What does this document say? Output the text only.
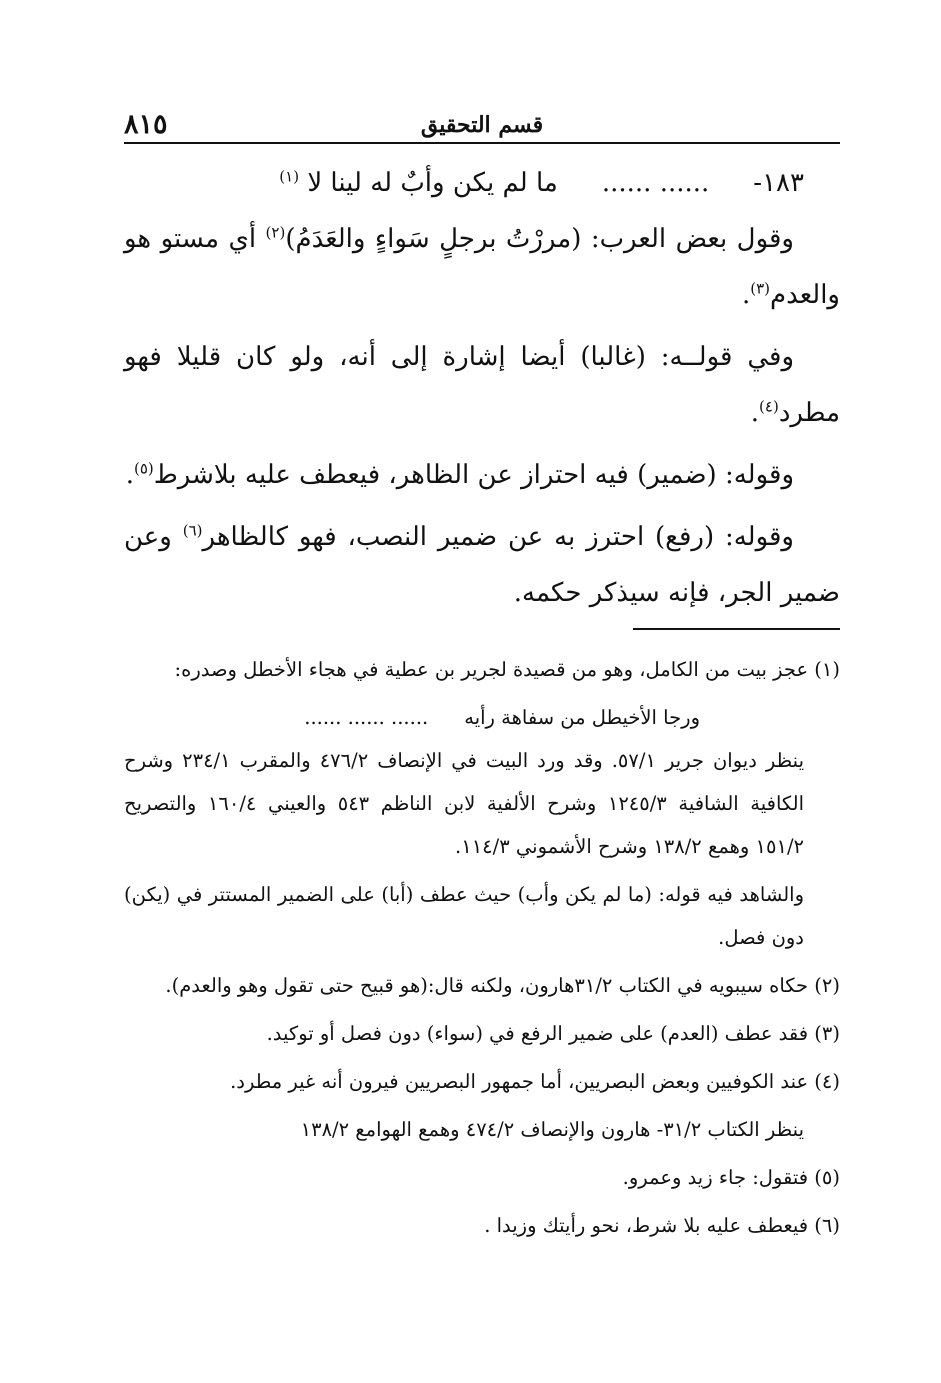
٨١٥	قسم التحقيق
١٨٣-
...... ......
ما لم يكن وأبٌ له لينا لا $^{(١)}$

وقول بعض العرب: (مررْتُ برجلٍ سَواءٍ والعَدَمُ)$^{(٢)}$ أي مستو هو والعدم$^{(٣)}$.

وفي قولــه: (غالبا) أيضا إشارة إلى أنه، ولو كان قليلا فهو مطرد$^{(٤)}$.

وقوله: (ضمير) فيه احتراز عن الظاهر، فيعطف عليه بلاشرط$^{(٥)}$.

وقوله: (رفع) احترز به عن ضمير النصب، فهو كالظاهر$^{(٦)}$ وعن ضمير الجر، فإنه سيذكر حكمه.

(١) عجز بيت من الكامل، وهو من قصيدة لجرير بن عطية في هجاء الأخطل وصدره:

ورجا الأخيطل من سفاهة رأيه
...... ...... ......

ينظر ديوان جرير ٥٧/١. وقد ورد البيت في الإنصاف ٤٧٦/٢ والمقرب ٢٣٤/١ وشرح الكافية الشافية ١٢٤٥/٣ وشرح الألفية لابن الناظم ٥٤٣ والعيني ١٦٠/٤ والتصريح ١٥١/٢ وهمع ١٣٨/٢ وشرح الأشموني ١١٤/٣.

والشاهد فيه قوله: (ما لم يكن وأب) حيث عطف (أبا) على الضمير المستتر في (يكن) دون فصل.

(٢) حكاه سيبويه في الكتاب ٣١/٢هارون، ولكنه قال:(هو قبيح حتى تقول وهو والعدم).

(٣) فقد عطف (العدم) على ضمير الرفع في (سواء) دون فصل أو توكيد.

(٤) عند الكوفيين وبعض البصريين، أما جمهور البصريين فيرون أنه غير مطرد.

ينظر الكتاب ٣١/٢- هارون والإنصاف ٤٧٤/٢ وهمع الهوامع ١٣٨/٢

(٥) فتقول: جاء زيد وعمرو.

(٦) فيعطف عليه بلا شرط، نحو رأيتك وزيدا .
